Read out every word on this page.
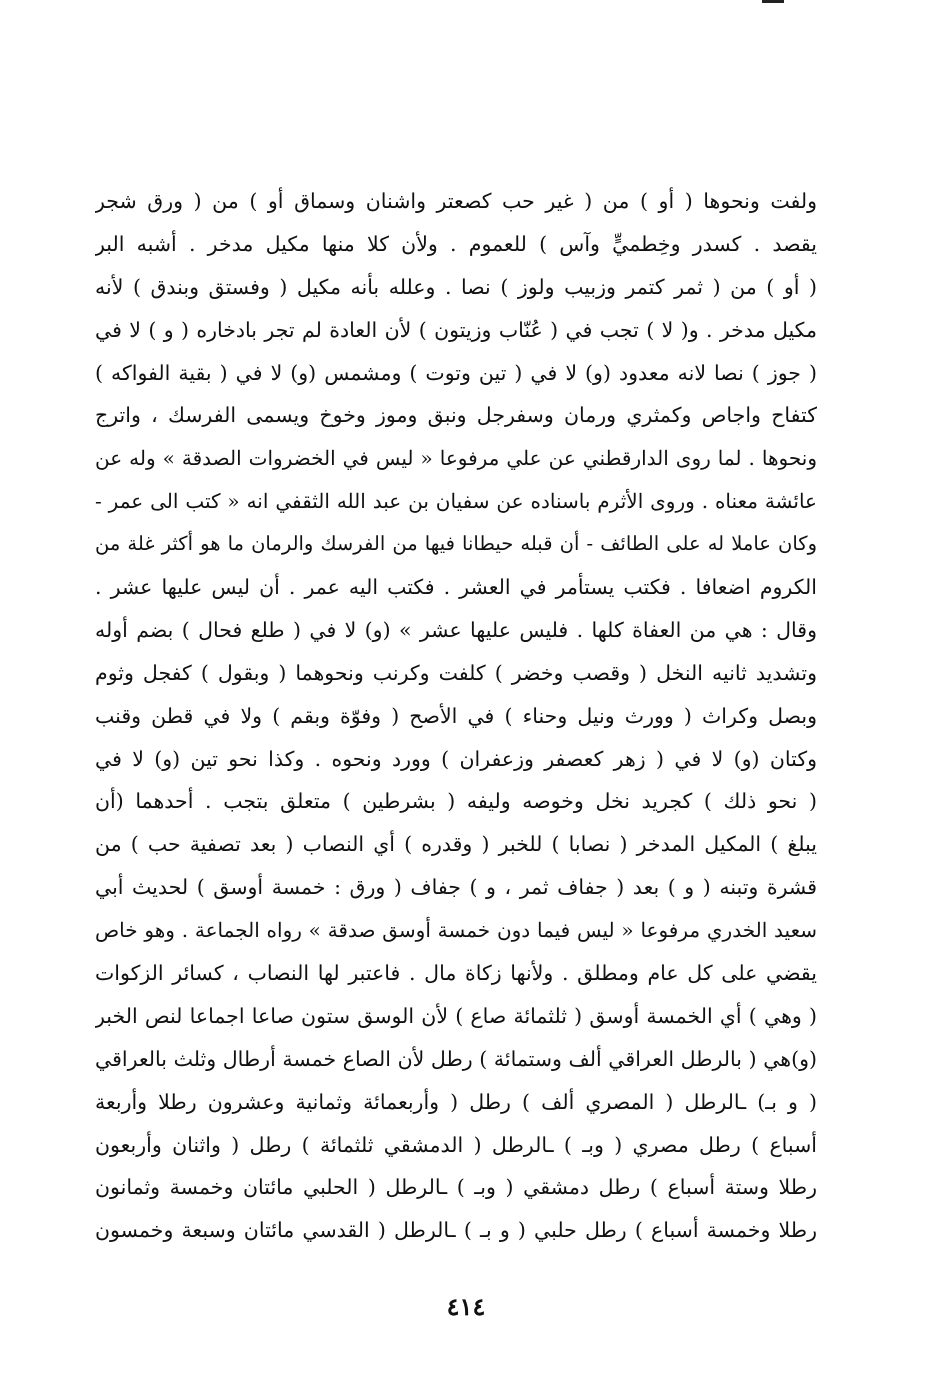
ولفت ونحوها ( أو ) من ( غير حب كصعتر واشنان وسماق أو ) من ( ورق شجر
يقصد . كسدر وخِطميٍّ وآس ) للعموم . ولأن كلا منها مكيل مدخر . أشبه البر
( أو ) من ( ثمر كتمر وزبيب ولوز ) نصا . وعلله بأنه مكيل ( وفستق وبندق ) لأنه
مكيل مدخر . و( لا ) تجب في ( عُنّاب وزيتون ) لأن العادة لم تجر بادخاره ( و ) لا في
( جوز ) نصا لانه معدود (و) لا في ( تين وتوت ) ومشمس (و) لا في ( بقية الفواكه )
كتفاح واجاص وكمثري ورمان وسفرجل ونبق وموز وخوخ ويسمى الفرسك ، واترج
ونحوها . لما روى الدارقطني عن علي مرفوعا « ليس في الخضروات الصدقة » وله عن
عائشة معناه . وروى الأثرم باسناده عن سفيان بن عبد الله الثقفي انه « كتب الى عمر -
وكان عاملا له على الطائف - أن قبله حيطانا فيها من الفرسك والرمان ما هو أكثر غلة من
الكروم اضعافا . فكتب يستأمر في العشر . فكتب اليه عمر . أن ليس عليها عشر .
وقال : هي من العفاة كلها . فليس عليها عشر » (و) لا في ( طلع فحال ) بضم أوله
وتشديد ثانيه النخل ( وقصب وخضر ) كلفت وكرنب ونحوهما ( وبقول ) كفجل وثوم
وبصل وكراث ( وورث ونيل وحناء ) في الأصح ( وفوّة وبقم ) ولا في قطن وقنب
وكتان (و) لا في ( زهر كعصفر وزعفران ) وورد ونحوه . وكذا نحو تين (و) لا في
( نحو ذلك ) كجريد نخل وخوصه وليفه ( بشرطين ) متعلق بتجب . أحدهما (أن
يبلغ ) المكيل المدخر ( نصابا ) للخبر ( وقدره ) أي النصاب ( بعد تصفية حب ) من
قشرة وتبنه ( و ) بعد ( جفاف ثمر ، و ) جفاف ( ورق : خمسة أوسق ) لحديث أبي
سعيد الخدري مرفوعا « ليس فيما دون خمسة أوسق صدقة » رواه الجماعة . وهو خاص
يقضي على كل عام ومطلق . ولأنها زكاة مال . فاعتبر لها النصاب ، كسائر الزكوات
( وهي ) أي الخمسة أوسق ( ثلثمائة صاع ) لأن الوسق ستون صاعا اجماعا لنص الخبر
(و)هي ( بالرطل العراقي ألف وستمائة ) رطل لأن الصاع خمسة أرطال وثلث بالعراقي
( و بـ) ـالرطل ( المصري ألف ) رطل ( وأربعمائة وثمانية وعشرون رطلا وأربعة
أسباع ) رطل مصري ( وبـ ) ـالرطل ( الدمشقي ثلثمائة ) رطل ( واثنان وأربعون
رطلا وستة أسباع ) رطل دمشقي ( وبـ ) ـالرطل ( الحلبي مائتان وخمسة وثمانون
رطلا وخمسة أسباع ) رطل حلبي ( و بـ ) ـالرطل ( القدسي مائتان وسبعة وخمسون
٤١٤
